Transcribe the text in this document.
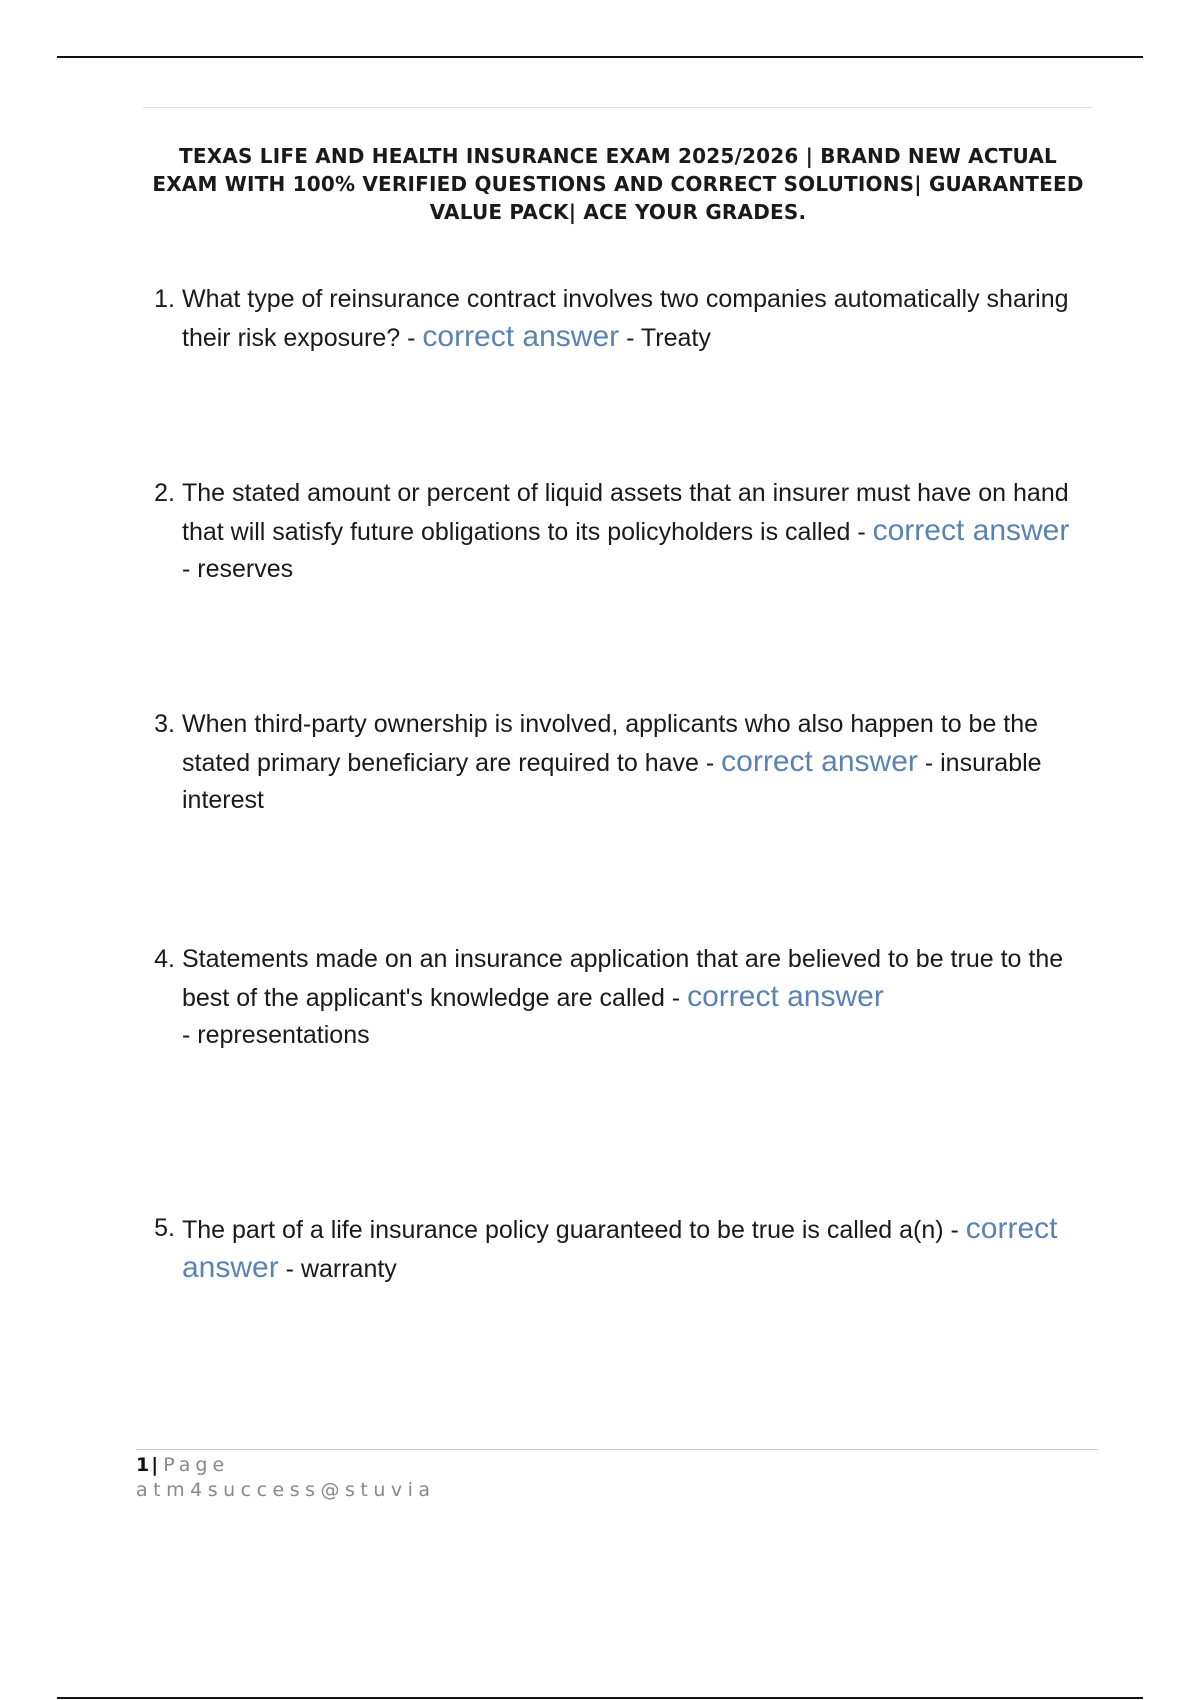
TEXAS LIFE AND HEALTH INSURANCE EXAM 2025/2026 | BRAND NEW ACTUAL EXAM WITH 100% VERIFIED QUESTIONS AND CORRECT SOLUTIONS| GUARANTEED VALUE PACK| ACE YOUR GRADES.
1. What type of reinsurance contract involves two companies automatically sharing their risk exposure? - correct answer - Treaty
2. The stated amount or percent of liquid assets that an insurer must have on hand that will satisfy future obligations to its policyholders is called - correct answer - reserves
3. When third-party ownership is involved, applicants who also happen to be the stated primary beneficiary are required to have - correct answer - insurable interest
4. Statements made on an insurance application that are believed to be true to the best of the applicant's knowledge are called - correct answer
- representations
5. The part of a life insurance policy guaranteed to be true is called a(n) - correct answer - warranty
1|Page
atm4success@stuvia
